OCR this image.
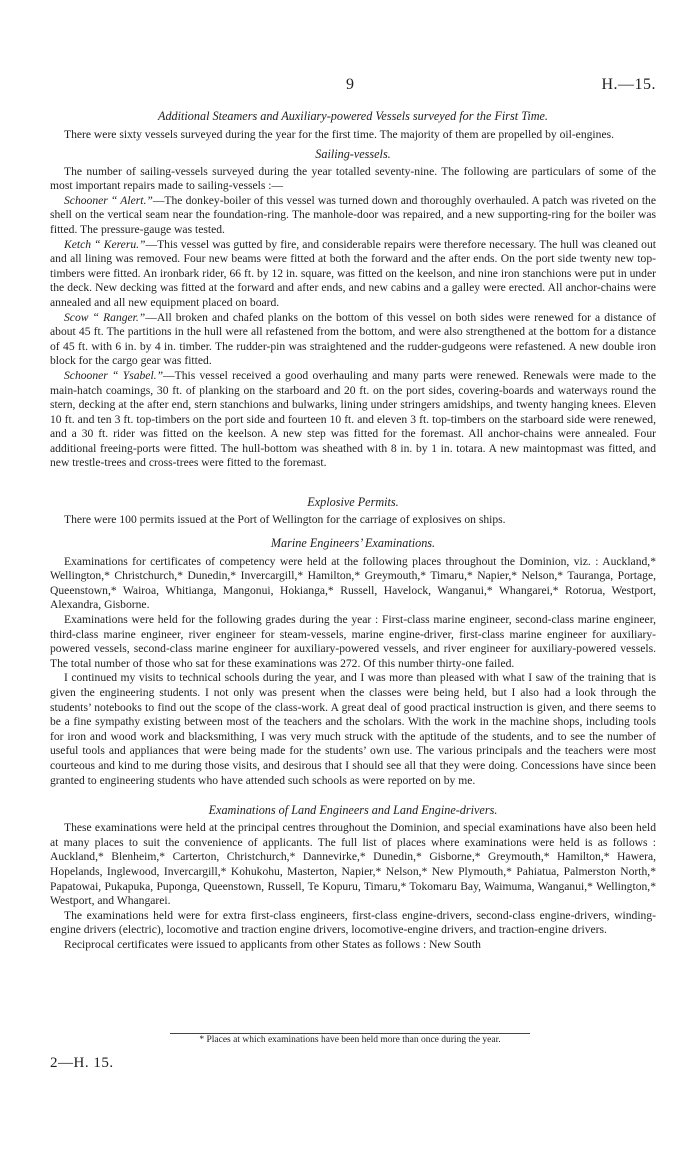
9	H.—15.
Additional Steamers and Auxiliary-powered Vessels surveyed for the First Time.

There were sixty vessels surveyed during the year for the first time. The majority of them are propelled by oil-engines.

Sailing-vessels.

The number of sailing-vessels surveyed during the year totalled seventy-nine. The following are particulars of some of the most important repairs made to sailing-vessels :—

Schooner “ Alert.”—The donkey-boiler of this vessel was turned down and thoroughly overhauled. A patch was riveted on the shell on the vertical seam near the foundation-ring. The manhole-door was repaired, and a new supporting-ring for the boiler was fitted. The pressure-gauge was tested.

Ketch “ Kereru.”—This vessel was gutted by fire, and considerable repairs were therefore necessary. The hull was cleaned out and all lining was removed. Four new beams were fitted at both the forward and the after ends. On the port side twenty new top-timbers were fitted. An ironbark rider, 66 ft. by 12 in. square, was fitted on the keelson, and nine iron stanchions were put in under the deck. New decking was fitted at the forward and after ends, and new cabins and a galley were erected. All anchor-chains were annealed and all new equipment placed on board.

Scow “ Ranger.”—All broken and chafed planks on the bottom of this vessel on both sides were renewed for a distance of about 45 ft. The partitions in the hull were all refastened from the bottom, and were also strengthened at the bottom for a distance of 45 ft. with 6 in. by 4 in. timber. The rudder-pin was straightened and the rudder-gudgeons were refastened. A new double iron block for the cargo gear was fitted.

Schooner “ Ysabel.”—This vessel received a good overhauling and many parts were renewed. Renewals were made to the main-hatch coamings, 30 ft. of planking on the starboard and 20 ft. on the port sides, covering-boards and waterways round the stern, decking at the after end, stern stanchions and bulwarks, lining under stringers amidships, and twenty hanging knees. Eleven 10 ft. and ten 3 ft. top-timbers on the port side and fourteen 10 ft. and eleven 3 ft. top-timbers on the starboard side were renewed, and a 30 ft. rider was fitted on the keelson. A new step was fitted for the foremast. All anchor-chains were annealed. Four additional freeing-ports were fitted. The hull-bottom was sheathed with 8 in. by 1 in. totara. A new maintopmast was fitted, and new trestle-trees and cross-trees were fitted to the foremast.

Explosive Permits.

There were 100 permits issued at the Port of Wellington for the carriage of explosives on ships.

Marine Engineers’ Examinations.

Examinations for certificates of competency were held at the following places throughout the Dominion, viz. : Auckland,* Wellington,* Christchurch,* Dunedin,* Invercargill,* Hamilton,* Greymouth,* Timaru,* Napier,* Nelson,* Tauranga, Portage, Queenstown,* Wairoa, Whitianga, Mangonui, Hokianga,* Russell, Havelock, Wanganui,* Whangarei,* Rotorua, Westport, Alexandra, Gisborne.

Examinations were held for the following grades during the year : First-class marine engineer, second-class marine engineer, third-class marine engineer, river engineer for steam-vessels, marine engine-driver, first-class marine engineer for auxiliary-powered vessels, second-class marine engineer for auxiliary-powered vessels, and river engineer for auxiliary-powered vessels. The total number of those who sat for these examinations was 272. Of this number thirty-one failed.

I continued my visits to technical schools during the year, and I was more than pleased with what I saw of the training that is given the engineering students. I not only was present when the classes were being held, but I also had a look through the students’ notebooks to find out the scope of the class-work. A great deal of good practical instruction is given, and there seems to be a fine sympathy existing between most of the teachers and the scholars. With the work in the machine shops, including tools for iron and wood work and blacksmithing, I was very much struck with the aptitude of the students, and to see the number of useful tools and appliances that were being made for the students’ own use. The various principals and the teachers were most courteous and kind to me during those visits, and desirous that I should see all that they were doing. Concessions have since been granted to engineering students who have attended such schools as were reported on by me.

Examinations of Land Engineers and Land Engine-drivers.

These examinations were held at the principal centres throughout the Dominion, and special examinations have also been held at many places to suit the convenience of applicants. The full list of places where examinations were held is as follows : Auckland,* Blenheim,* Carterton, Christchurch,* Dannevirke,* Dunedin,* Gisborne,* Greymouth,* Hamilton,* Hawera, Hopelands, Inglewood, Invercargill,* Kohukohu, Masterton, Napier,* Nelson,* New Plymouth,* Pahiatua, Palmerston North,* Papatowai, Pukapuka, Puponga, Queenstown, Russell, Te Kopuru, Timaru,* Tokomaru Bay, Waimuma, Wanganui,* Wellington,* Westport, and Whangarei.

The examinations held were for extra first-class engineers, first-class engine-drivers, second-class engine-drivers, winding-engine drivers (electric), locomotive and traction engine drivers, locomotive-engine drivers, and traction-engine drivers.

Reciprocal certificates were issued to applicants from other States as follows : New South

* Places at which examinations have been held more than once during the year.
2—H. 15.
